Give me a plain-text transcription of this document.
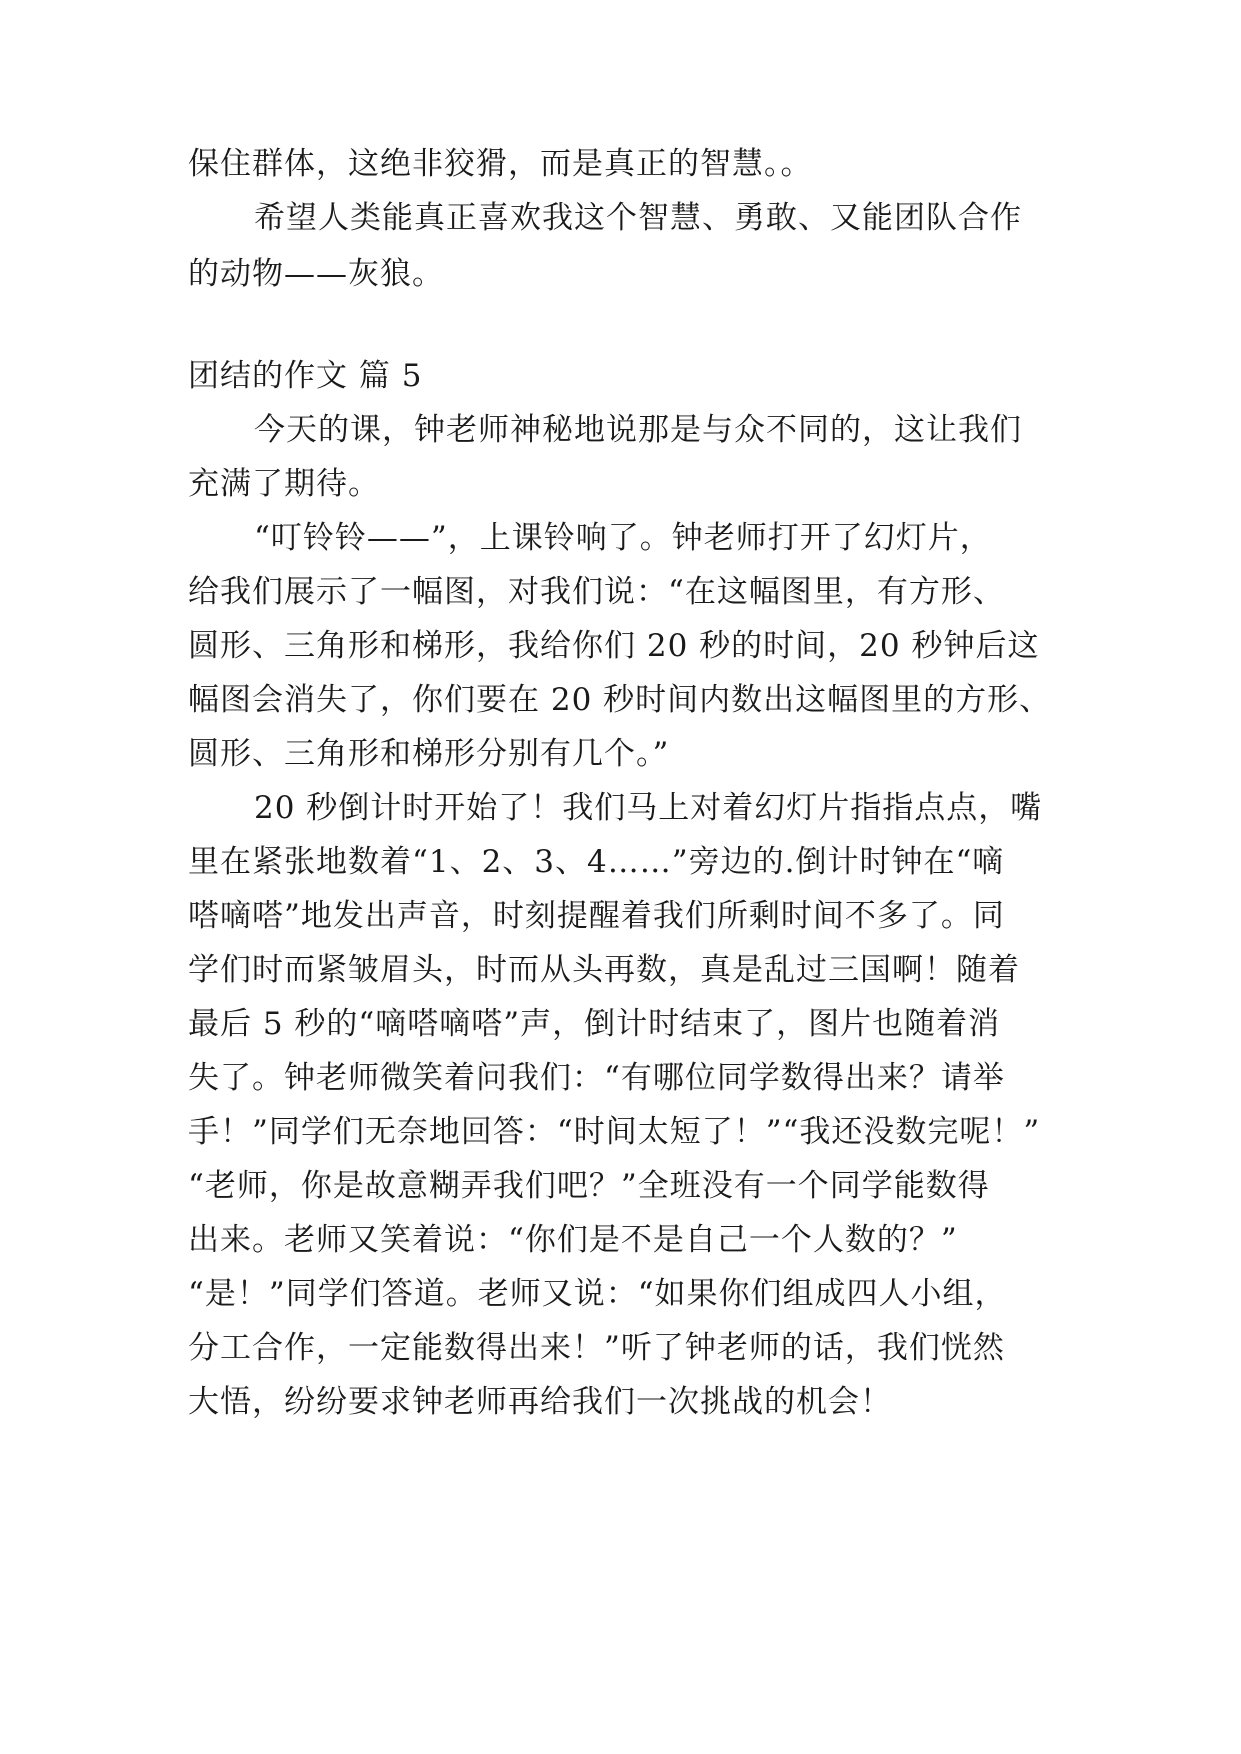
保住群体，这绝非狡猾，而是真正的智慧。。
希望人类能真正喜欢我这个智慧、勇敢、又能团队合作
的动物——灰狼。
团结的作文 篇 5
今天的课，钟老师神秘地说那是与众不同的，这让我们
充满了期待。
“叮铃铃——”，上课铃响了。钟老师打开了幻灯片，
给我们展示了一幅图，对我们说：“在这幅图里，有方形、
圆形、三角形和梯形，我给你们 20 秒的时间，20 秒钟后这
幅图会消失了，你们要在 20 秒时间内数出这幅图里的方形、
圆形、三角形和梯形分别有几个。”
20 秒倒计时开始了！我们马上对着幻灯片指指点点，嘴
里在紧张地数着“1、2、3、4……”旁边的.倒计时钟在“嘀
嗒嘀嗒”地发出声音，时刻提醒着我们所剩时间不多了。同
学们时而紧皱眉头，时而从头再数，真是乱过三国啊！随着
最后 5 秒的“嘀嗒嘀嗒”声，倒计时结束了，图片也随着消
失了。钟老师微笑着问我们：“有哪位同学数得出来？请举
手！”同学们无奈地回答：“时间太短了！”“我还没数完呢！”
“老师，你是故意糊弄我们吧？”全班没有一个同学能数得
出来。老师又笑着说：“你们是不是自己一个人数的？”
“是！”同学们答道。老师又说：“如果你们组成四人小组，
分工合作，一定能数得出来！”听了钟老师的话，我们恍然
大悟，纷纷要求钟老师再给我们一次挑战的机会！
